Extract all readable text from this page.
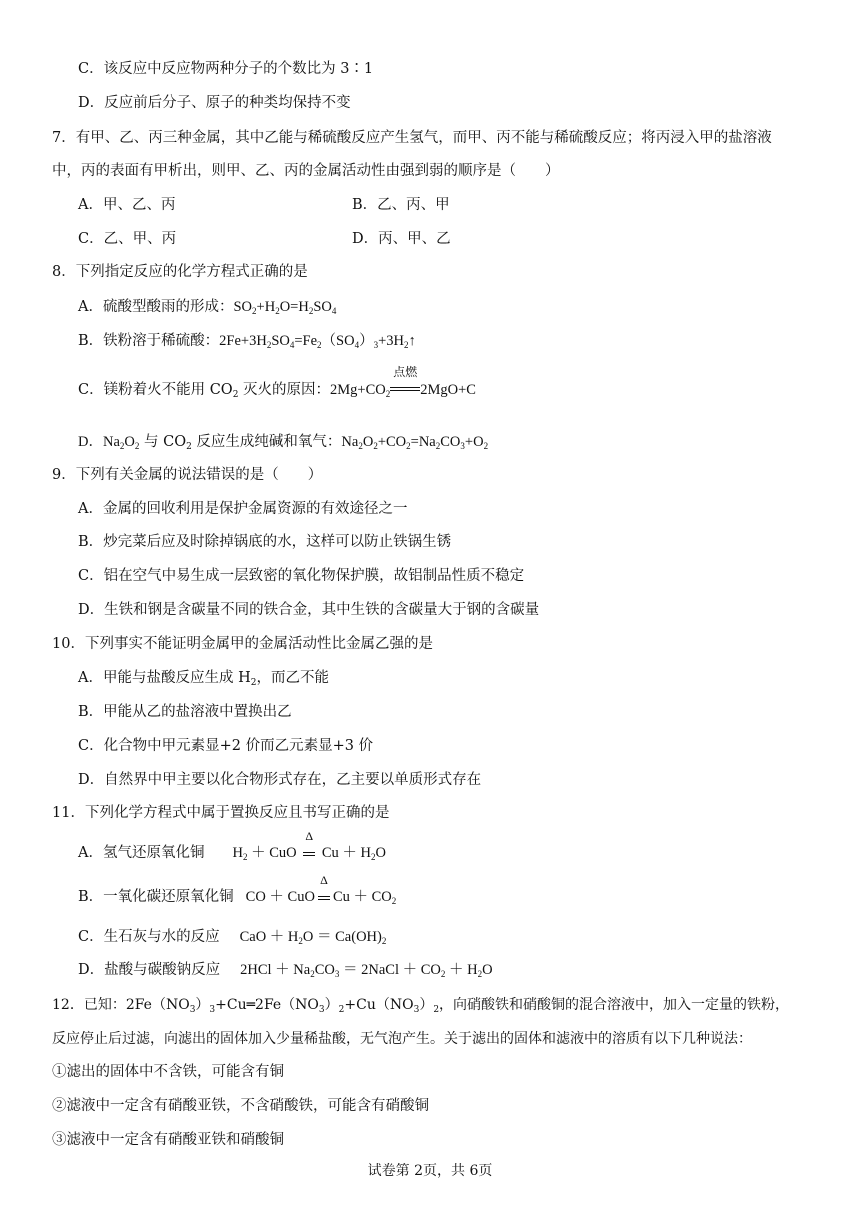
C．该反应中反应物两种分子的个数比为 3∶1
D．反应前后分子、原子的种类均保持不变
7．有甲、乙、丙三种金属，其中乙能与稀硫酸反应产生氢气，而甲、丙不能与稀硫酸反应；将丙浸入甲的盐溶液
中，丙的表面有甲析出，则甲、乙、丙的金属活动性由强到弱的顺序是（　　）
A．甲、乙、丙	B．乙、丙、甲
C．乙、甲、丙	D．丙、甲、乙
8．下列指定反应的化学方程式正确的是
A．硫酸型酸雨的形成：$SO_2+H_2O=H_2SO_4$
B．铁粉溶于稀硫酸：$2Fe+3H_2SO_4=Fe_2(SO_4)_3+3H_2↑$
C．镁粉着火不能用 $CO_2$ 灭火的原因：$2Mg+CO_2$
点燃
2MgO+C
D．$Na_2O_2$ 与 $CO_2$ 反应生成纯碱和氧气：$Na_2O_2+CO_2=Na_2CO_3+O_2$
9．下列有关金属的说法错误的是（　　）
A．金属的回收利用是保护金属资源的有效途径之一
B．炒完菜后应及时除掉锅底的水，这样可以防止铁锅生锈
C．铝在空气中易生成一层致密的氧化物保护膜，故铝制品性质不稳定
D．生铁和钢是含碳量不同的铁合金，其中生铁的含碳量大于钢的含碳量
10．下列事实不能证明金属甲的金属活动性比金属乙强的是
A．甲能与盐酸反应生成 $H_2$，而乙不能
B．甲能从乙的盐溶液中置换出乙
C．化合物中甲元素显+2 价而乙元素显+3 价
D．自然界中甲主要以化合物形式存在，乙主要以单质形式存在
11．下列化学方程式中属于置换反应且书写正确的是
A．氢气还原氧化铜 $H_2$ ＋ CuO
Δ
$Cu + H_2O$
B．一氧化碳还原氧化铜 CO ＋ CuO
Δ
$Cu + CO_2$
C．生石灰与水的反应 CaO ＋ $H_2O = Ca(OH)_2$
D．盐酸与碳酸钠反应 $2HCl + Na_2CO_3$ ＝ 2NaCl ＋ $CO_2 + H_2O$
12．已知：$2Fe(NO_3)_3+Cu═2Fe(NO_3)_2+Cu(NO_3)_2$，向硝酸铁和硝酸铜的混合溶液中，加入一定量的铁粉，
反应停止后过滤，向滤出的固体加入少量稀盐酸，无气泡产生。关于滤出的固体和滤液中的溶质有以下几种说法：
①滤出的固体中不含铁，可能含有铜
②滤液中一定含有硝酸亚铁，不含硝酸铁，可能含有硝酸铜
③滤液中一定含有硝酸亚铁和硝酸铜
试卷第 2页，共 6页
